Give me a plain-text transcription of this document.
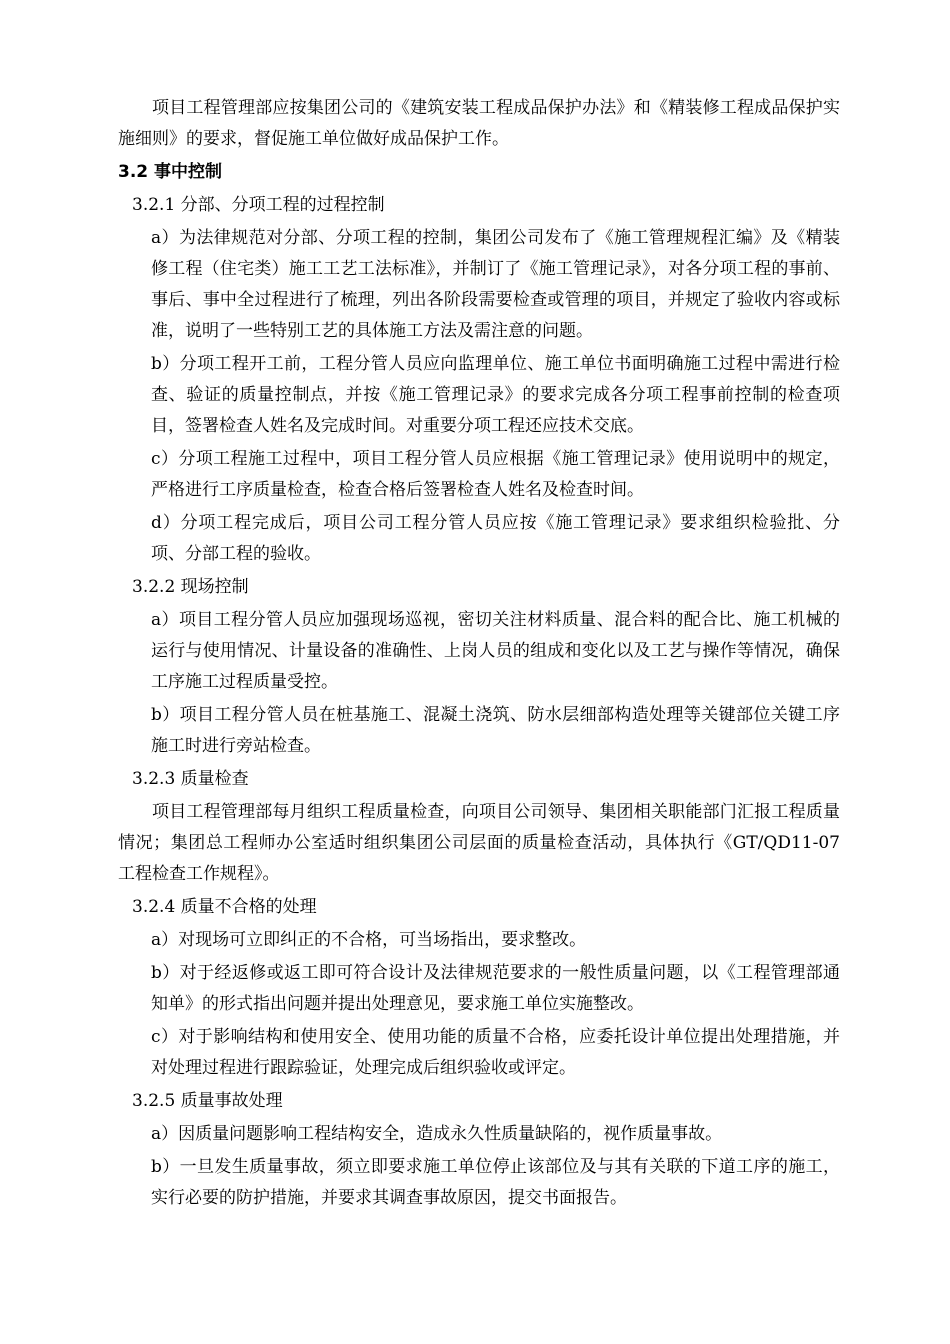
项目工程管理部应按集团公司的《建筑安装工程成品保护办法》和《精装修工程成品保护实施细则》的要求，督促施工单位做好成品保护工作。

3.2 事中控制

3.2.1 分部、分项工程的过程控制

a）为法律规范对分部、分项工程的控制，集团公司发布了《施工管理规程汇编》及《精装修工程（住宅类）施工工艺工法标准》，并制订了《施工管理记录》，对各分项工程的事前、事后、事中全过程进行了梳理，列出各阶段需要检查或管理的项目，并规定了验收内容或标准，说明了一些特别工艺的具体施工方法及需注意的问题。

b）分项工程开工前，工程分管人员应向监理单位、施工单位书面明确施工过程中需进行检查、验证的质量控制点，并按《施工管理记录》的要求完成各分项工程事前控制的检查项目，签署检查人姓名及完成时间。对重要分项工程还应技术交底。

c）分项工程施工过程中，项目工程分管人员应根据《施工管理记录》使用说明中的规定，严格进行工序质量检查，检查合格后签署检查人姓名及检查时间。

d）分项工程完成后，项目公司工程分管人员应按《施工管理记录》要求组织检验批、分项、分部工程的验收。

3.2.2 现场控制

a）项目工程分管人员应加强现场巡视，密切关注材料质量、混合料的配合比、施工机械的运行与使用情况、计量设备的准确性、上岗人员的组成和变化以及工艺与操作等情况，确保工序施工过程质量受控。

b）项目工程分管人员在桩基施工、混凝土浇筑、防水层细部构造处理等关键部位关键工序施工时进行旁站检查。

3.2.3 质量检查

项目工程管理部每月组织工程质量检查，向项目公司领导、集团相关职能部门汇报工程质量情况；集团总工程师办公室适时组织集团公司层面的质量检查活动，具体执行《GT/QD11-07 工程检查工作规程》。

3.2.4 质量不合格的处理

a）对现场可立即纠正的不合格，可当场指出，要求整改。

b）对于经返修或返工即可符合设计及法律规范要求的一般性质量问题，以《工程管理部通知单》的形式指出问题并提出处理意见，要求施工单位实施整改。

c）对于影响结构和使用安全、使用功能的质量不合格，应委托设计单位提出处理措施，并对处理过程进行跟踪验证，处理完成后组织验收或评定。

3.2.5 质量事故处理

a）因质量问题影响工程结构安全，造成永久性质量缺陷的，视作质量事故。

b）一旦发生质量事故，须立即要求施工单位停止该部位及与其有关联的下道工序的施工，实行必要的防护措施，并要求其调查事故原因，提交书面报告。
